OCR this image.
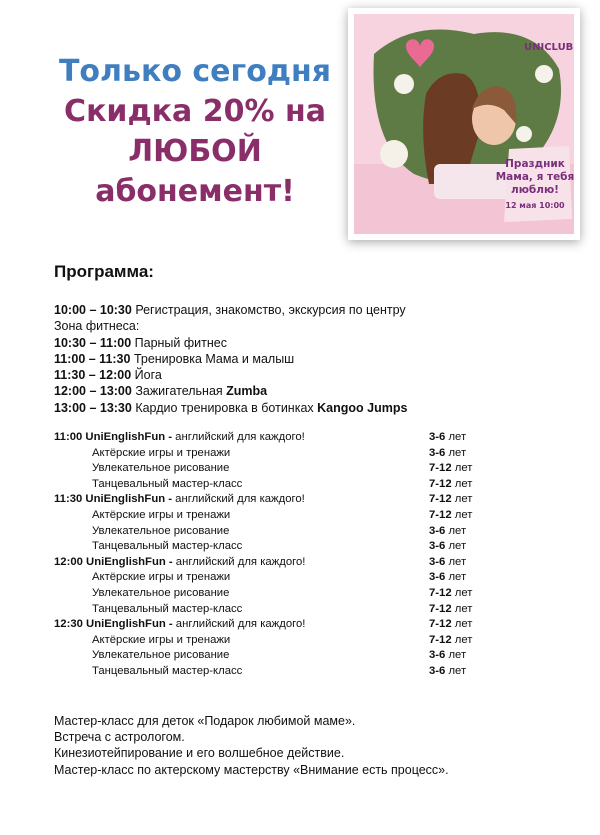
Только сегодня
Скидка 20% на
ЛЮБОЙ
абонемент!
UNICLUB
Праздник
Мама, я тебя
люблю!
12 мая 10:00
Программа:
10:00 – 10:30 Регистрация, знакомство, экскурсия по центру
Зона фитнеса:
10:30 – 11:00 Парный фитнес
11:00 – 11:30 Тренировка Мама и малыш
11:30 – 12:00 Йога
12:00 – 13:00 Зажигательная Zumba
13:00 – 13:30 Кардио тренировка в ботинках Kangoo Jumps
11:00 UniEnglishFun - английский для каждого!	3-6 лет
Актёрские игры и тренажи	3-6 лет
Увлекательное рисование	7-12 лет
Танцевальный мастер-класс	7-12 лет
11:30 UniEnglishFun - английский для каждого!	7-12 лет
Актёрские игры и тренажи	7-12 лет
Увлекательное рисование	3-6 лет
Танцевальный мастер-класс	3-6 лет
12:00 UniEnglishFun - английский для каждого!	3-6 лет
Актёрские игры и тренажи	3-6 лет
Увлекательное рисование	7-12 лет
Танцевальный мастер-класс	7-12 лет
12:30 UniEnglishFun - английский для каждого!	7-12 лет
Актёрские игры и тренажи	7-12 лет
Увлекательное рисование	3-6 лет
Танцевальный мастер-класс	3-6 лет
Мастер-класс для деток «Подарок любимой маме».
Встреча с астрологом.
Кинезиотейпирование и его волшебное действие.
Мастер-класс по актерскому мастерству «Внимание есть процесс».
